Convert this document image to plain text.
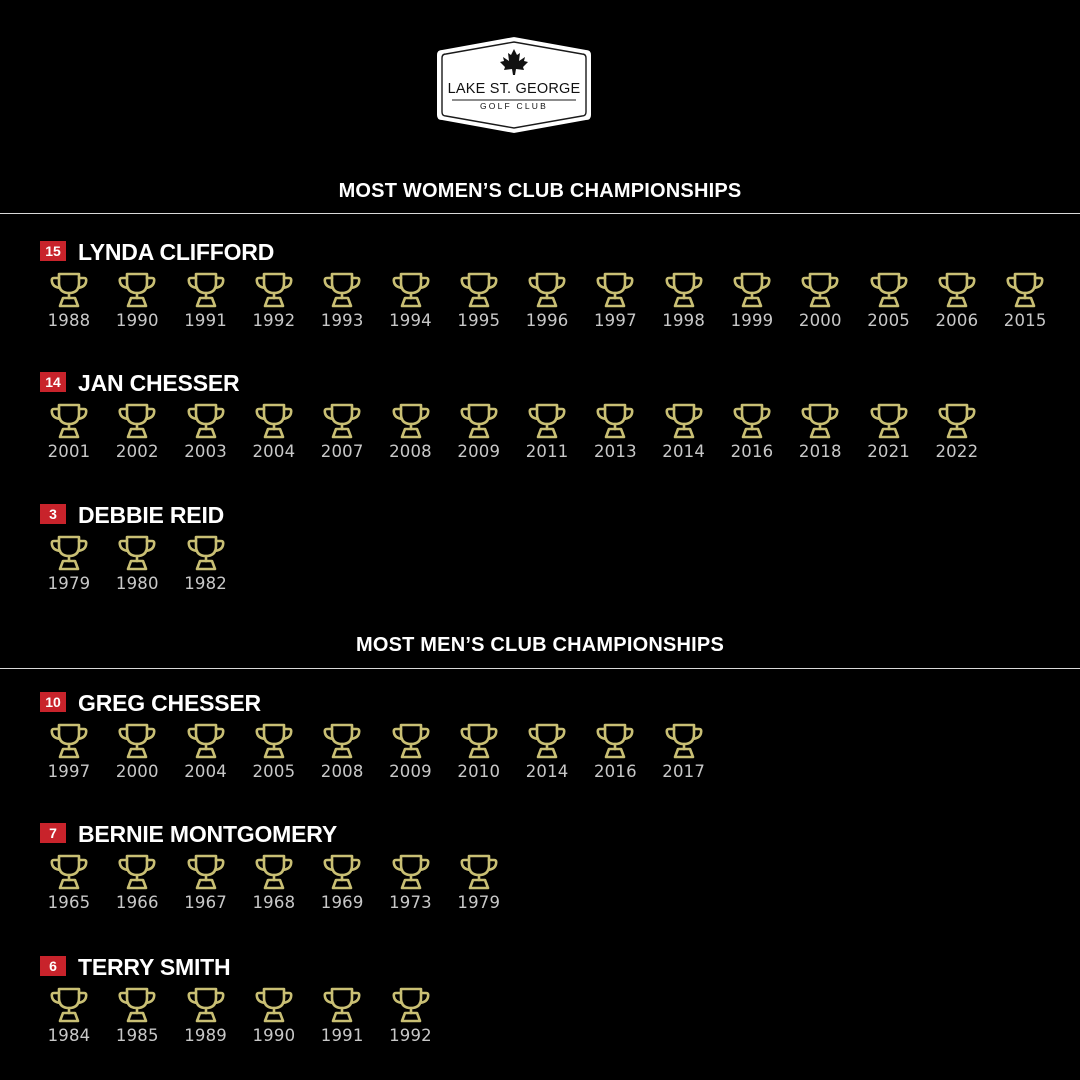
LAKE ST. GEORGE
GOLF CLUB
MOST WOMEN’S CLUB CHAMPIONSHIPS
15 LYNDA CLIFFORD
1988	1990	1991	1992	1993	1994	1995	1996	1997	1998	1999	2000	2005	2006	2015
14 JAN CHESSER
2001	2002	2003	2004	2007	2008	2009	2011	2013	2014	2016	2018	2021	2022
3 DEBBIE REID
1979	1980	1982
MOST MEN’S CLUB CHAMPIONSHIPS
10 GREG CHESSER
1997	2000	2004	2005	2008	2009	2010	2014	2016	2017
7 BERNIE MONTGOMERY
1965	1966	1967	1968	1969	1973	1979
6 TERRY SMITH
1984	1985	1989	1990	1991	1992
